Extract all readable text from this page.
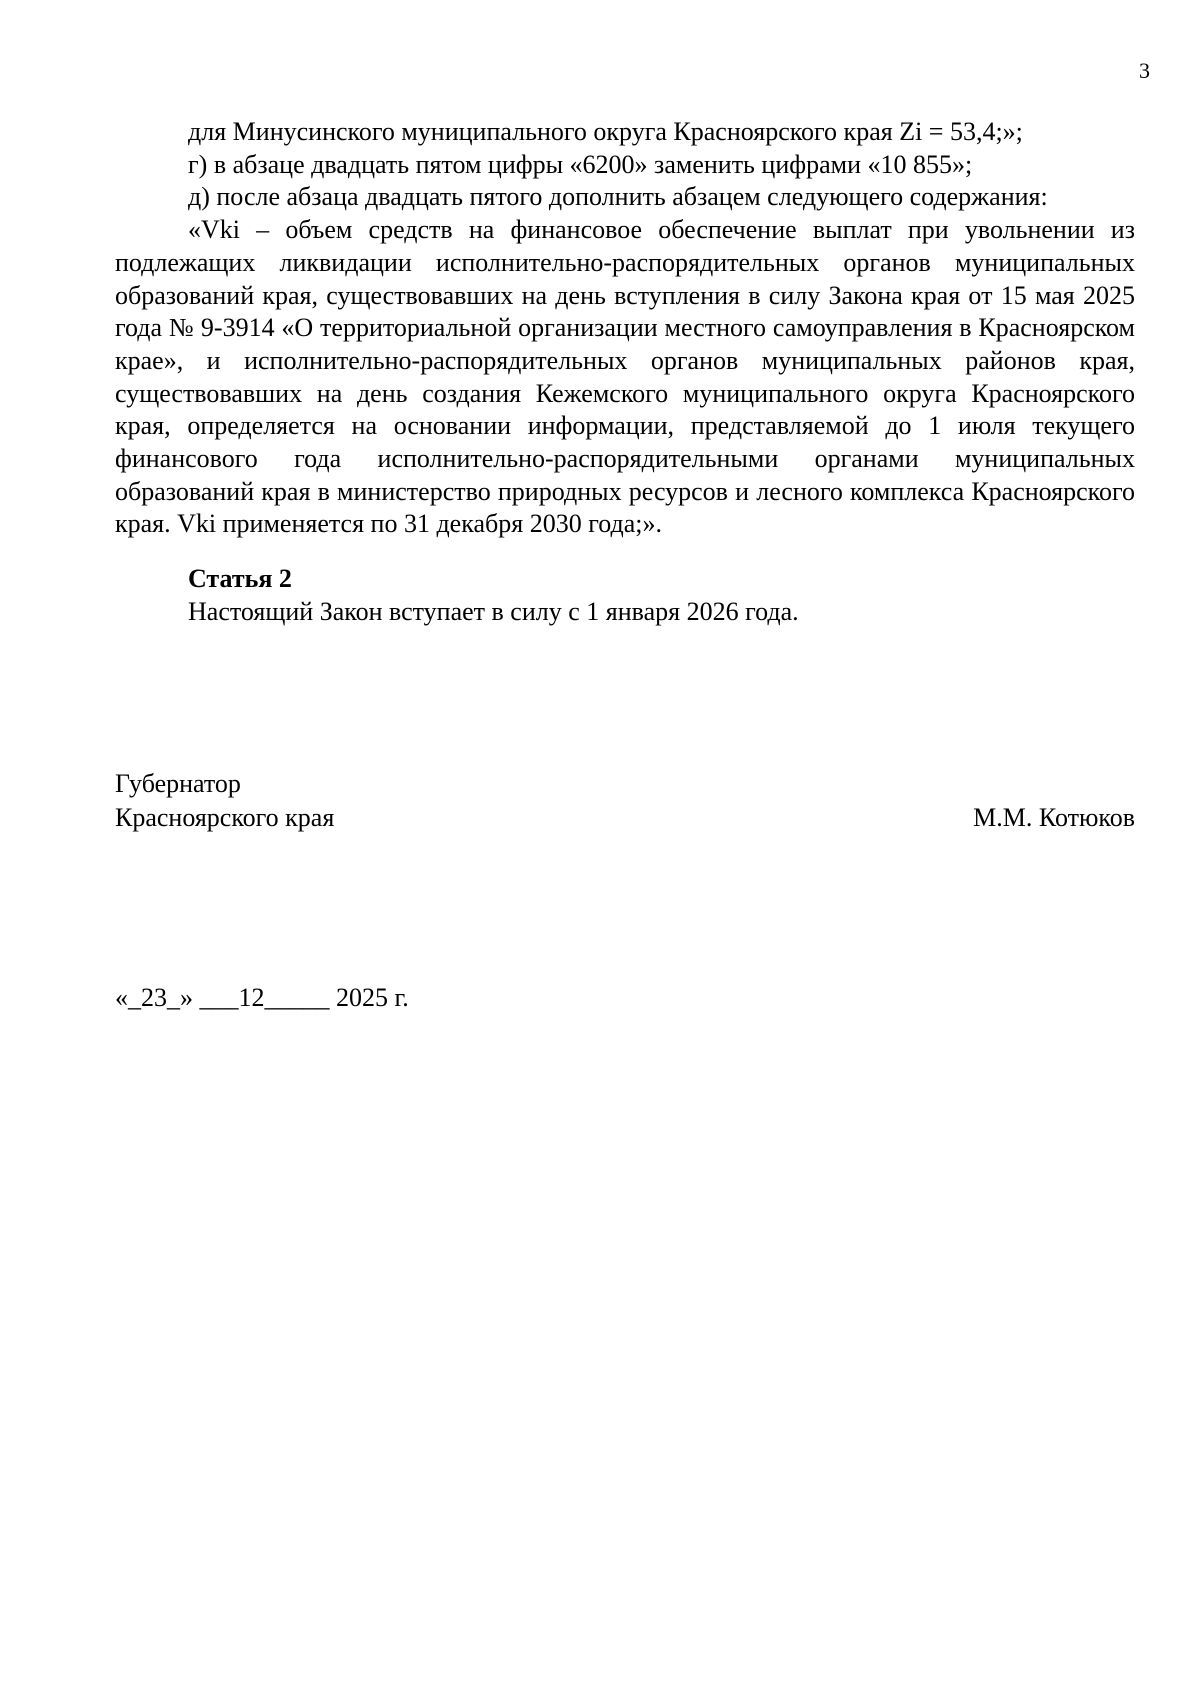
3

для Минусинского муниципального округа Красноярского края Zi = 53,4;»;

г) в абзаце двадцать пятом цифры «6200» заменить цифрами «10 855»;

д) после абзаца двадцать пятого дополнить абзацем следующего содержания:

«Vki – объем средств на финансовое обеспечение выплат при увольнении из подлежащих ликвидации исполнительно-распорядительных органов муниципальных образований края, существовавших на день вступления в силу Закона края от 15 мая 2025 года № 9-3914 «О территориальной организации местного самоуправления в Красноярском крае», и исполнительно-распорядительных органов муниципальных районов края, существовавших на день создания Кежемского муниципального округа Красноярского края, определяется на основании информации, представляемой до 1 июля текущего финансового года исполнительно-распорядительными органами муниципальных образований края в министерство природных ресурсов и лесного комплекса Красноярского края. Vki применяется по 31 декабря 2030 года;».

Статья 2

Настоящий Закон вступает в силу с 1 января 2026 года.

Губернатор
Красноярского края	М.М. Котюков
«_23_» ___12_____ 2025 г.
